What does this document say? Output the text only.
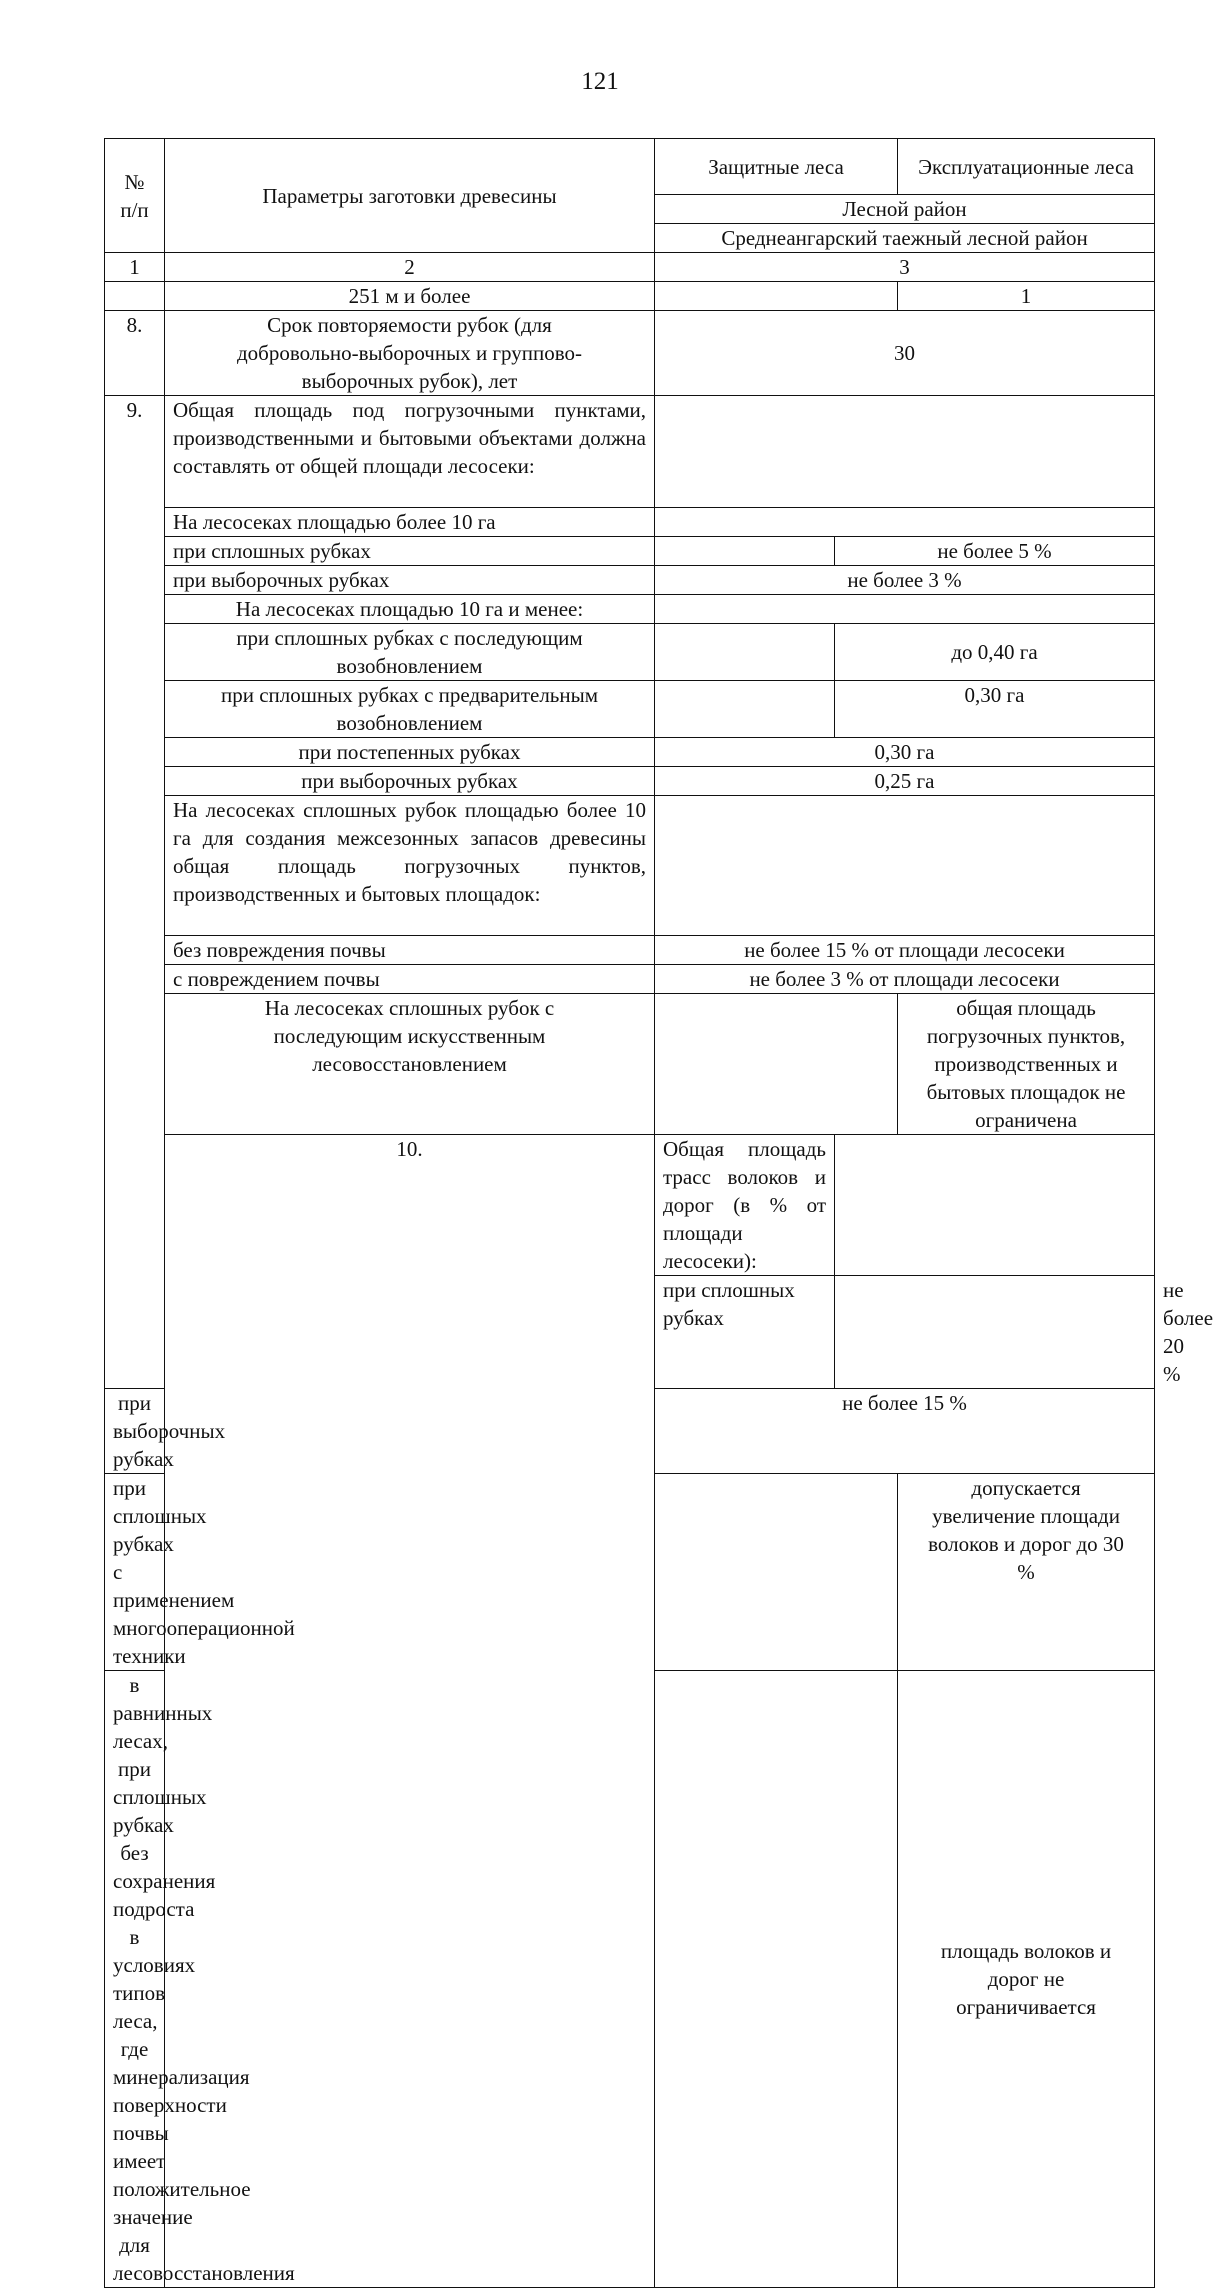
121
№
п/п	Параметры заготовки древесины	Защитные леса		Эксплуатационные леса	
		Лесной район			
		Среднеангарский таежный лесной район			
1	2	3			
	251 м и более			1	
8.	Срок повторяемости рубок (для добровольно-выборочных и группово-выборочных рубок), лет	30			
9.	Общая площадь под погрузочными пунктами, производственными и бытовыми объектами должна составлять от общей площади лесосеки:				
	На лесосеках площадью более 10 га				
	при сплошных рубках		не более 5 %		
	при выборочных рубках	не более 3 %			
	На лесосеках площадью 10 га и менее:				
	при сплошных рубках с последующим возобновлением		до 0,40 га		
	при сплошных рубках с предварительным возобновлением		0,30 га		
	при постепенных рубках	0,30 га			
	при выборочных рубках	0,25 га			
	На лесосеках сплошных рубок площадью более 10 га для создания межсезонных запасов древесины общая площадь погрузочных пунктов, производственных и бытовых площадок:				
	без повреждения почвы	не более 15 % от площади лесосеки			
	с повреждением почвы	не более 3 % от площади лесосеки			
	На лесосеках сплошных рубок с последующим искусственным лесовосстановлением			общая площадь погрузочных пунктов, производственных и бытовых площадок не ограничена	
	10.	Общая площадь трасс волоков и дорог (в % от площади лесосеки):			
		при сплошных рубках			не более 20 %
при выборочных рубках		не более 15 %			
при сплошных рубках с применением многооперационной техники				допускается увеличение площади волоков и дорог до 30 %	
в равнинных лесах, при сплошных рубках без сохранения подроста в условиях типов леса, где минерализация поверхности почвы имеет положительное значение для лесовосстановления				площадь волоков и дорог не ограничивается	
